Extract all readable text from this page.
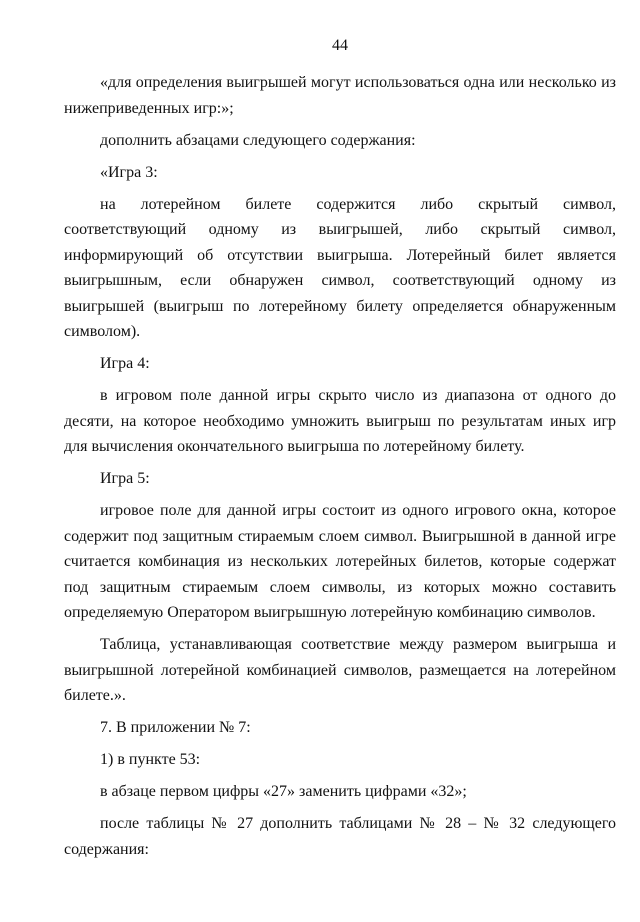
44

«для определения выигрышей могут использоваться одна или несколько из нижеприведенных игр:»;

дополнить абзацами следующего содержания:

«Игра 3:

на лотерейном билете содержится либо скрытый символ, соответствующий одному из выигрышей, либо скрытый символ, информирующий об отсутствии выигрыша. Лотерейный билет является выигрышным, если обнаружен символ, соответствующий одному из выигрышей (выигрыш по лотерейному билету определяется обнаруженным символом).

Игра 4:

в игровом поле данной игры скрыто число из диапазона от одного до десяти, на которое необходимо умножить выигрыш по результатам иных игр для вычисления окончательного выигрыша по лотерейному билету.

Игра 5:

игровое поле для данной игры состоит из одного игрового окна, которое содержит под защитным стираемым слоем символ. Выигрышной в данной игре считается комбинация из нескольких лотерейных билетов, которые содержат под защитным стираемым слоем символы, из которых можно составить определяемую Оператором выигрышную лотерейную комбинацию символов.

Таблица, устанавливающая соответствие между размером выигрыша и выигрышной лотерейной комбинацией символов, размещается на лотерейном билете.».

7. В приложении № 7:

1) в пункте 53:

в абзаце первом цифры «27» заменить цифрами «32»;

после таблицы № 27 дополнить таблицами № 28 – № 32 следующего содержания:
